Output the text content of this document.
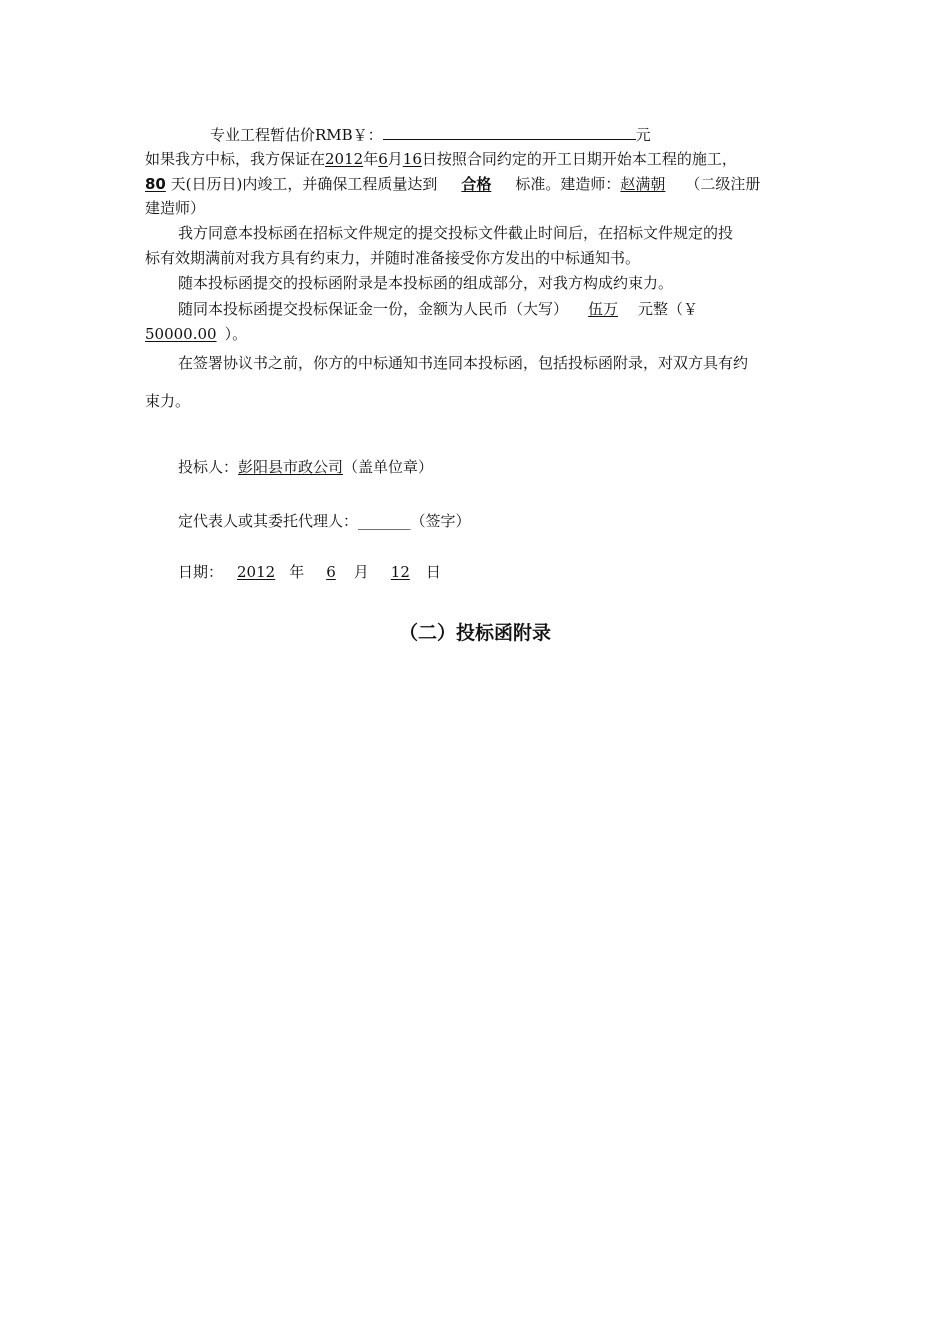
专业工程暂估价RMB￥：	元
如果我方中标，我方保证在2012年6月16日按照合同约定的开工日期开始本工程的施工，
80 天(日历日)内竣工，并确保工程质量达到 合格 标准。建造师：赵满朝 （二级注册
建造师）
我方同意本投标函在招标文件规定的提交投标文件截止时间后，在招标文件规定的投
标有效期满前对我方具有约束力，并随时准备接受你方发出的中标通知书。
随本投标函提交的投标函附录是本投标函的组成部分，对我方构成约束力。
随同本投标函提交投标保证金一份，金额为人民币（大写） 伍万 元整（￥
50000.00 ）。
在签署协议书之前，你方的中标通知书连同本投标函，包括投标函附录，对双方具有约
束力。
投标人：彭阳县市政公司（盖单位章）
定代表人或其委托代理人：_______（签字）
日期： 2012 年 6 月 12 日
（二）投标函附录
